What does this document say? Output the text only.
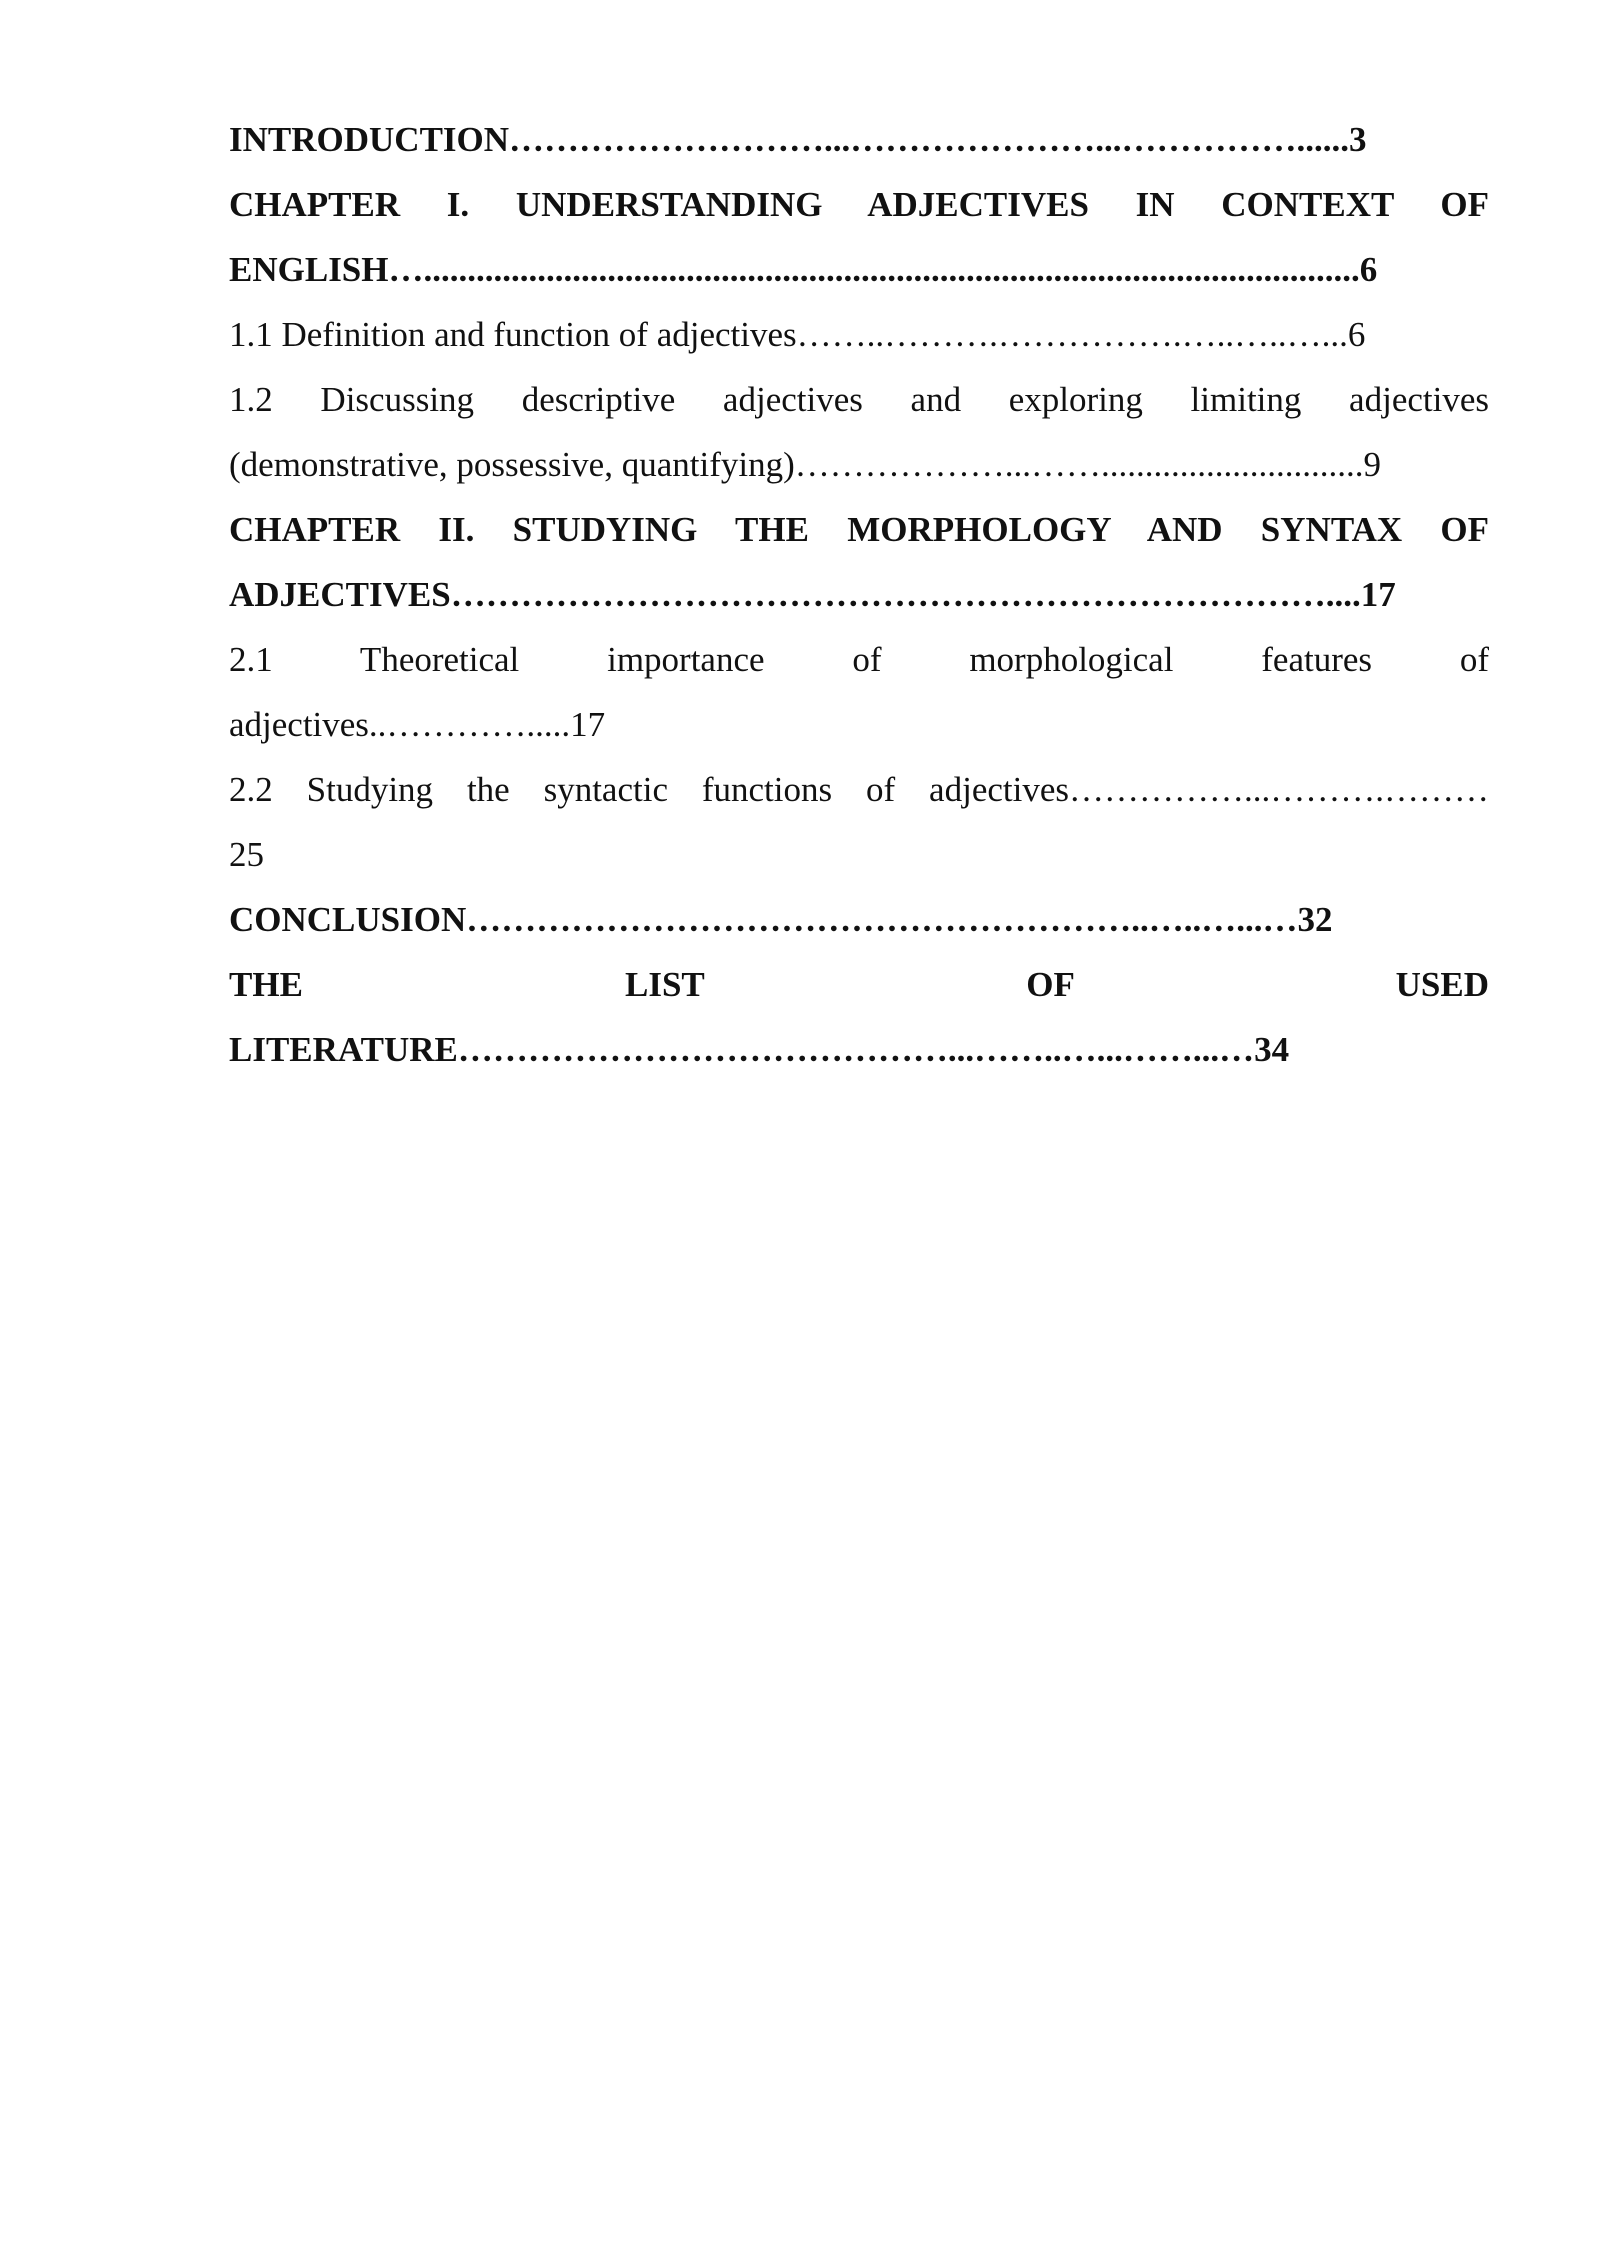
INTRODUCTION………………………...…………………...……………......3
CHAPTER I. UNDERSTANDING ADJECTIVES IN CONTEXT OF
ENGLISH…...........................................................................................................6
1.1 Definition and function of adjectives……..……….…………….…..…..…...6
1.2 Discussing descriptive adjectives and exploring limiting adjectives
(demonstrative, possessive, quantifying)………………...……..............................9
CHAPTER II. STUDYING THE MORPHOLOGY AND SYNTAX OF
ADJECTIVES…………………………………………………………………....17
2.1 Theoretical importance of morphological features of
adjectives..………….....17
2.2 Studying the syntactic functions of adjectives……………...……….………
25
CONCLUSION…………………………………………………..…..…...…32
THE LIST OF USED
LITERATURE……………………………………...……..…...……...…34
